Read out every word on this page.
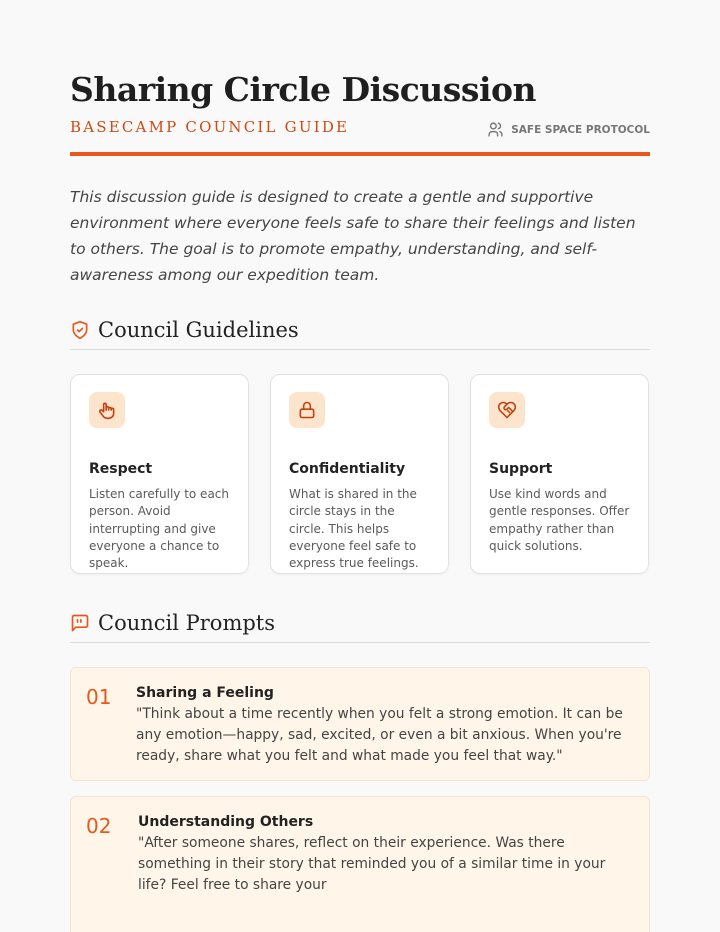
Sharing Circle Discussion
BASECAMP COUNCIL GUIDE	SAFE SPACE PROTOCOL

This discussion guide is designed to create a gentle and supportive environment where everyone feels safe to share their feelings and listen to others. The goal is to promote empathy, understanding, and self-awareness among our expedition team.

Council Guidelines
Respect
Listen carefully to each person. Avoid interrupting and give everyone a chance to speak.
Confidentiality
What is shared in the circle stays in the circle. This helps everyone feel safe to express true feelings.
Support
Use kind words and gentle responses. Offer empathy rather than quick solutions.
Council Prompts
01	Sharing a Feeling
"Think about a time recently when you felt a strong emotion. It can be any emotion—happy, sad, excited, or even a bit anxious. When you're ready, share what you felt and what made you feel that way."
02	Understanding Others
"After someone shares, reflect on their experience. Was there something in their story that reminded you of a similar time in your life? Feel free to share your
